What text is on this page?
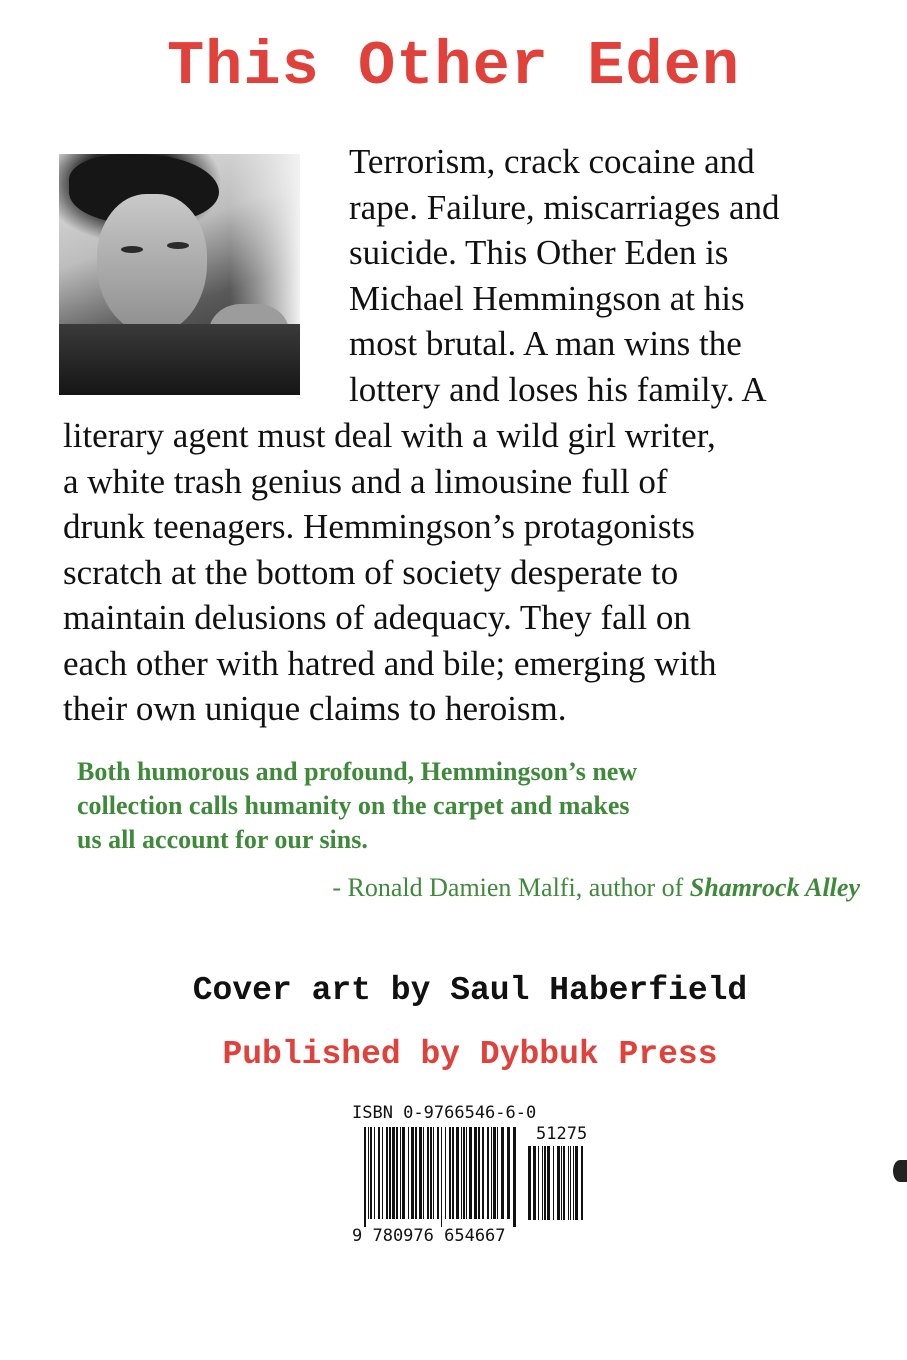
This Other Eden
Terrorism, crack cocaine and
rape. Failure, miscarriages and
suicide. This Other Eden is
Michael Hemmingson at his
most brutal. A man wins the
lottery and loses his family. A
literary agent must deal with a wild girl writer,
a white trash genius and a limousine full of
drunk teenagers. Hemmingson’s protagonists
scratch at the bottom of society desperate to
maintain delusions of adequacy. They fall on
each other with hatred and bile; emerging with
their own unique claims to heroism.
Both humorous and profound, Hemmingson’s new
collection calls humanity on the carpet and makes
us all account for our sins.
- Ronald Damien Malfi, author of Shamrock Alley
Cover art by Saul Haberfield
Published by Dybbuk Press
ISBN 0-9766546-6-0
51275
9 780976 654667
